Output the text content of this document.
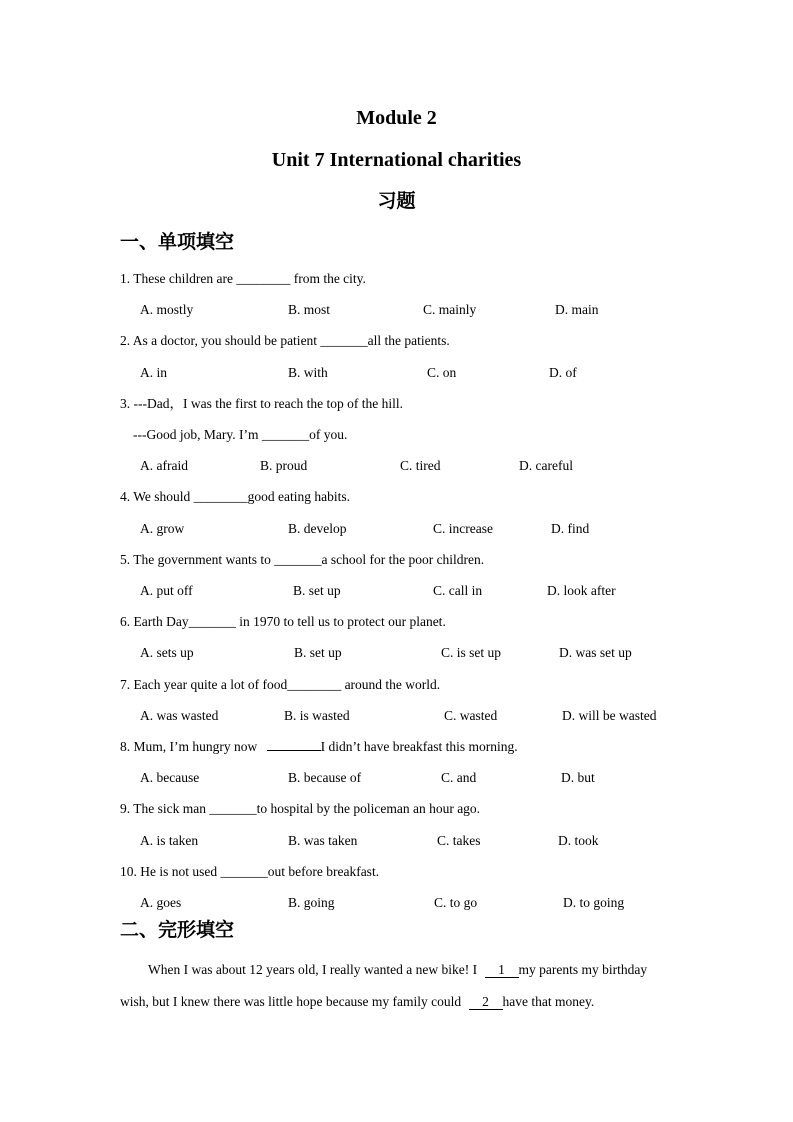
Module 2
Unit 7 International charities
习题
一、单项填空
1. These children are ________ from the city.
A. mostly	B. most	C. mainly	D. main
2. As a doctor, you should be patient _______all the patients.
A. in	B. with	C. on	D. of
3. ---Dad，I was the first to reach the top of the hill.
---Good job, Mary. I’m _______of you.
A. afraid	B. proud	C. tired	D. careful
4. We should ________good eating habits.
A. grow	B. develop	C. increase	D. find
5. The government wants to _______a school for the poor children.
A. put off	B. set up	C. call in	D. look after
6. Earth Day_______ in 1970 to tell us to protect our planet.
A. sets up	B. set up	C. is set up	D. was set up
7. Each year quite a lot of food________ around the world.
A. was wasted	B. is wasted	C. wasted	D. will be wasted
8. Mum, I’m hungry now	I didn’t have breakfast this morning.
A. because	B. because of	C. and	D. but
9. The sick man _______to hospital by the policeman an hour ago.
A. is taken	B. was taken	C. takes	D. took
10. He is not used _______out before breakfast.
A. goes	B. going	C. to go	D. to going
二、完形填空
When I was about 12 years old, I really wanted a new bike! I 1 my parents my birthday
wish, but I knew there was little hope because my family could 2 have that money.
